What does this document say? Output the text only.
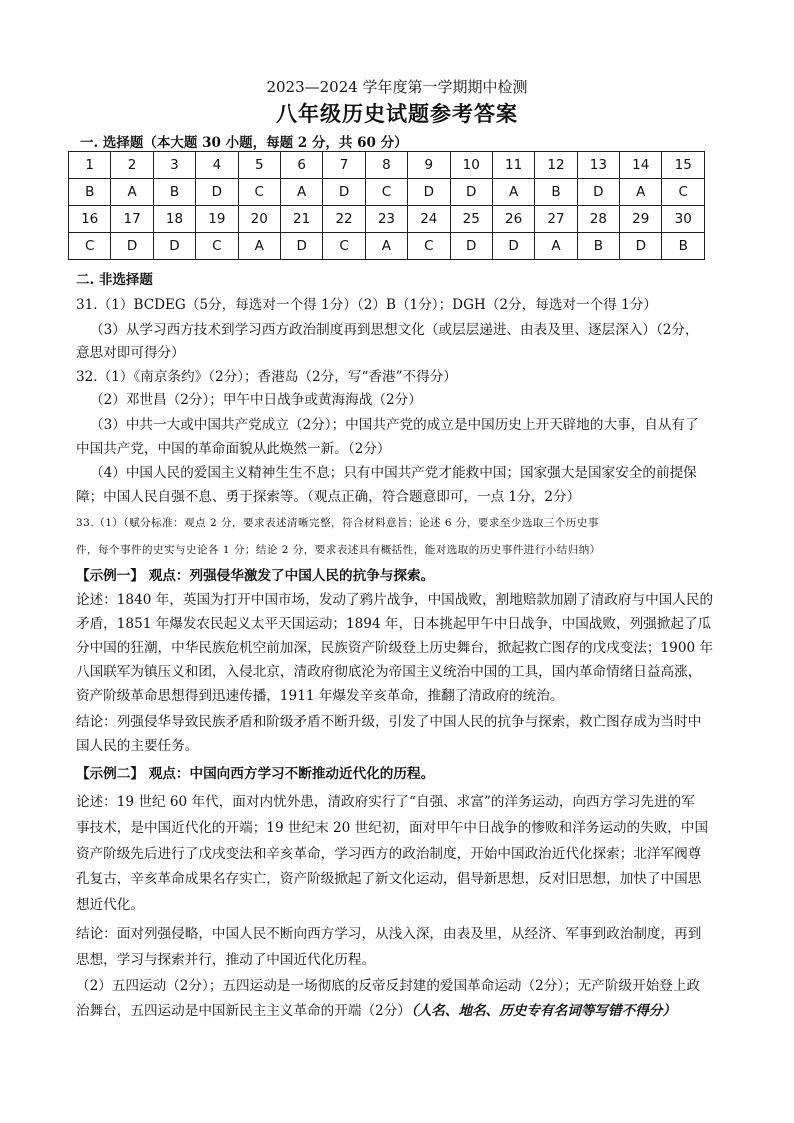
2023—2024 学年度第一学期期中检测
八年级历史试题参考答案
一. 选择题（本大题 30 小题，每题 2 分，共 60 分）
1	2	3	4	5	6	7	8	9	10	11	12	13	14	15
B	A	B	D	C	A	D	C	D	D	A	B	D	A	C
16	17	18	19	20	21	22	23	24	25	26	27	28	29	30
C	D	D	C	A	D	C	A	C	D	D	A	B	D	B
二. 非选择题
31.（1）BCDEG（5分，每选对一个得 1分）（2）B（1分）；DGH（2分，每选对一个得 1分）
（3）从学习西方技术到学习西方政治制度再到思想文化（或层层递进、由表及里、逐层深入）（2分，
意思对即可得分）
32.（1）《南京条约》（2分）；香港岛（2分，写“香港”不得分）
（2）邓世昌（2分）；甲午中日战争或黄海海战（2分）
（3）中共一大或中国共产党成立（2分）；中国共产党的成立是中国历史上开天辟地的大事，自从有了
中国共产党，中国的革命面貌从此焕然一新。（2分）
（4）中国人民的爱国主义精神生生不息；只有中国共产党才能救中国；国家强大是国家安全的前提保
障；中国人民自强不息、勇于探索等。（观点正确，符合题意即可，一点 1分，2分）
33.（1）（赋分标准：观点 2 分，要求表述清晰完整，符合材料意旨；论述 6 分，要求至少选取三个历史事
件，每个事件的史实与史论各 1 分；结论 2 分，要求表述具有概括性，能对选取的历史事件进行小结归纳）
【示例一】 观点：列强侵华激发了中国人民的抗争与探索。
论述：1840 年，英国为打开中国市场，发动了鸦片战争，中国战败，割地赔款加剧了清政府与中国人民的
矛盾，1851 年爆发农民起义太平天国运动；1894 年，日本挑起甲午中日战争，中国战败，列强掀起了瓜
分中国的狂潮，中华民族危机空前加深，民族资产阶级登上历史舞台，掀起救亡图存的戊戌变法；1900 年
八国联军为镇压义和团，入侵北京，清政府彻底沦为帝国主义统治中国的工具，国内革命情绪日益高涨，
资产阶级革命思想得到迅速传播，1911 年爆发辛亥革命，推翻了清政府的统治。
结论：列强侵华导致民族矛盾和阶级矛盾不断升级，引发了中国人民的抗争与探索，救亡图存成为当时中
国人民的主要任务。
【示例二】 观点：中国向西方学习不断推动近代化的历程。
论述：19 世纪 60 年代，面对内忧外患，清政府实行了“自强、求富”的洋务运动，向西方学习先进的军
事技术，是中国近代化的开端；19 世纪末 20 世纪初，面对甲午中日战争的惨败和洋务运动的失败，中国
资产阶级先后进行了戊戌变法和辛亥革命，学习西方的政治制度，开始中国政治近代化探索；北洋军阀尊
孔复古，辛亥革命成果名存实亡，资产阶级掀起了新文化运动，倡导新思想，反对旧思想，加快了中国思
想近代化。
结论：面对列强侵略，中国人民不断向西方学习，从浅入深，由表及里，从经济、军事到政治制度，再到
思想，学习与探索并行，推动了中国近代化历程。
（2）五四运动（2分）；五四运动是一场彻底的反帝反封建的爱国革命运动（2分）；无产阶级开始登上政
治舞台，五四运动是中国新民主主义革命的开端（2分）（人名、地名、历史专有名词等写错不得分）
